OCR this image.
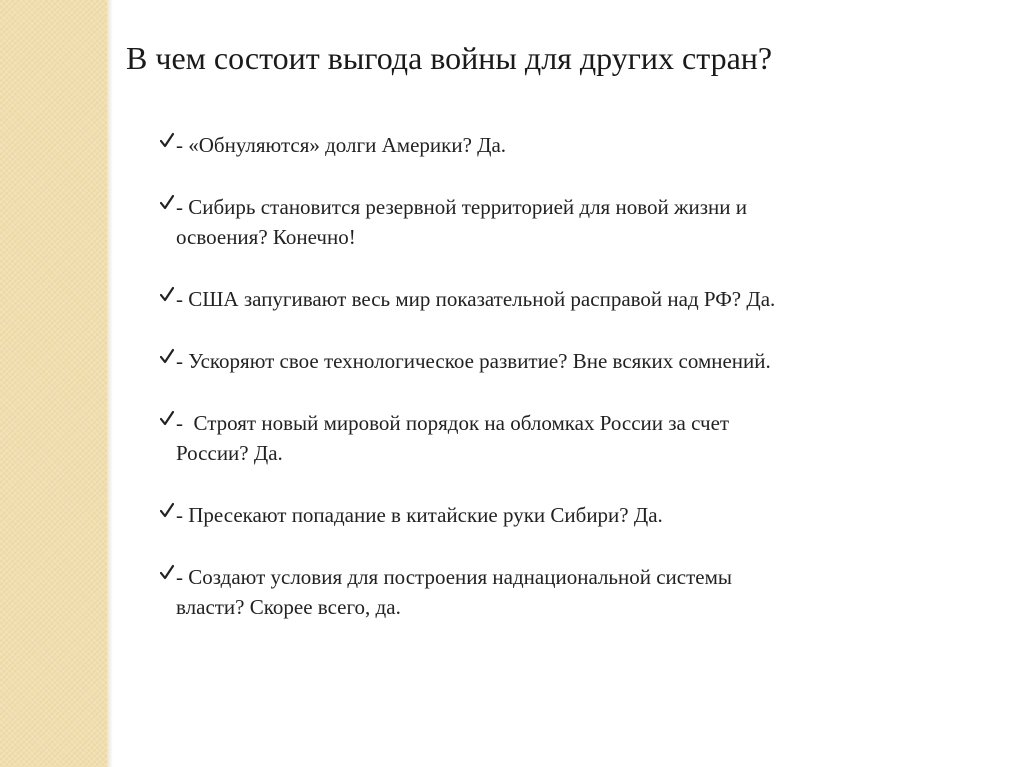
В чем состоит выгода войны для других стран?
- «Обнуляются» долги Америки? Да.
- Сибирь становится резервной территорией для новой жизни и
освоения? Конечно!
- США запугивают весь мир показательной расправой над РФ? Да.
- Ускоряют свое технологическое развитие? Вне всяких сомнений.
-  Строят новый мировой порядок на обломках России за счет
России? Да.
- Пресекают попадание в китайские руки Сибири? Да.
- Создают условия для построения наднациональной системы
власти? Скорее всего, да.
